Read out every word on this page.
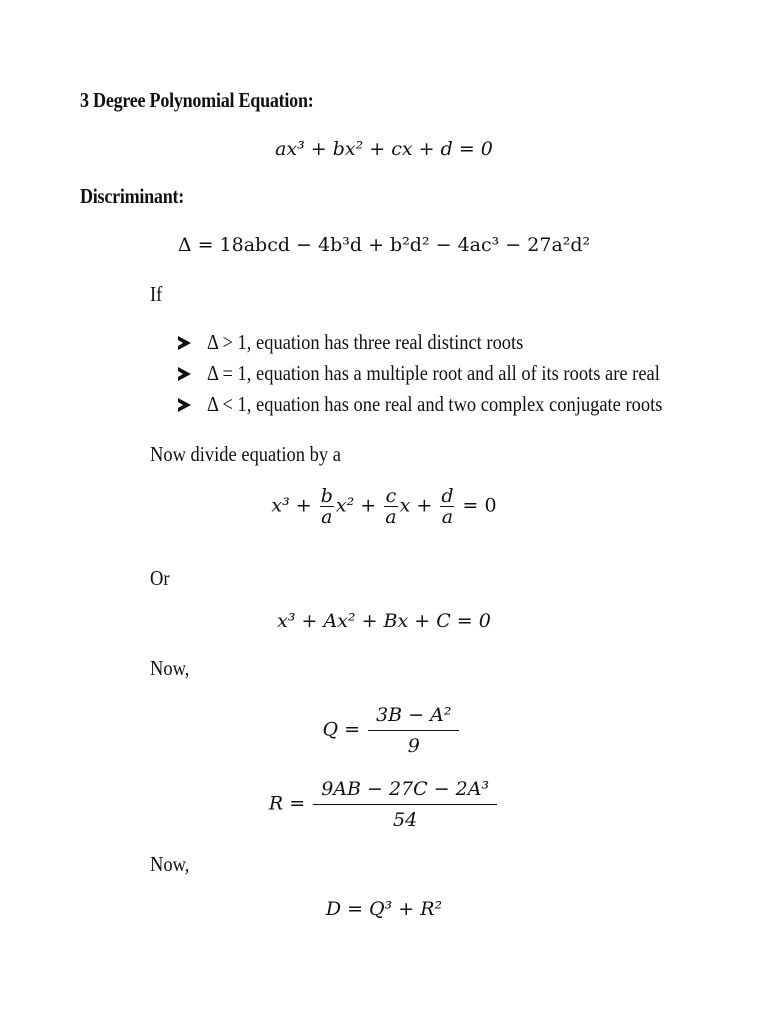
3 Degree Polynomial Equation:
ax³ + bx² + cx + d = 0
Discriminant:
Δ = 18abcd − 4b³d + b²d² − 4ac³ − 27a²d²
If
Δ > 1, equation has three real distinct roots
Δ = 1, equation has a multiple root and all of its roots are real
Δ < 1, equation has one real and two complex conjugate roots
Now divide equation by a
$x^3 + \frac{b}{a} x^2 + \frac{c}{a}$ $x + \frac{d}{a} = 0$
Or
x³ + Ax² + Bx + C = 0
Now,
$Q = \frac{\text{3B − A²}}{9}$
$R = \frac{\text{9AB − 27C − 2A³}}{54}$
Now,
D = Q³ + R²
